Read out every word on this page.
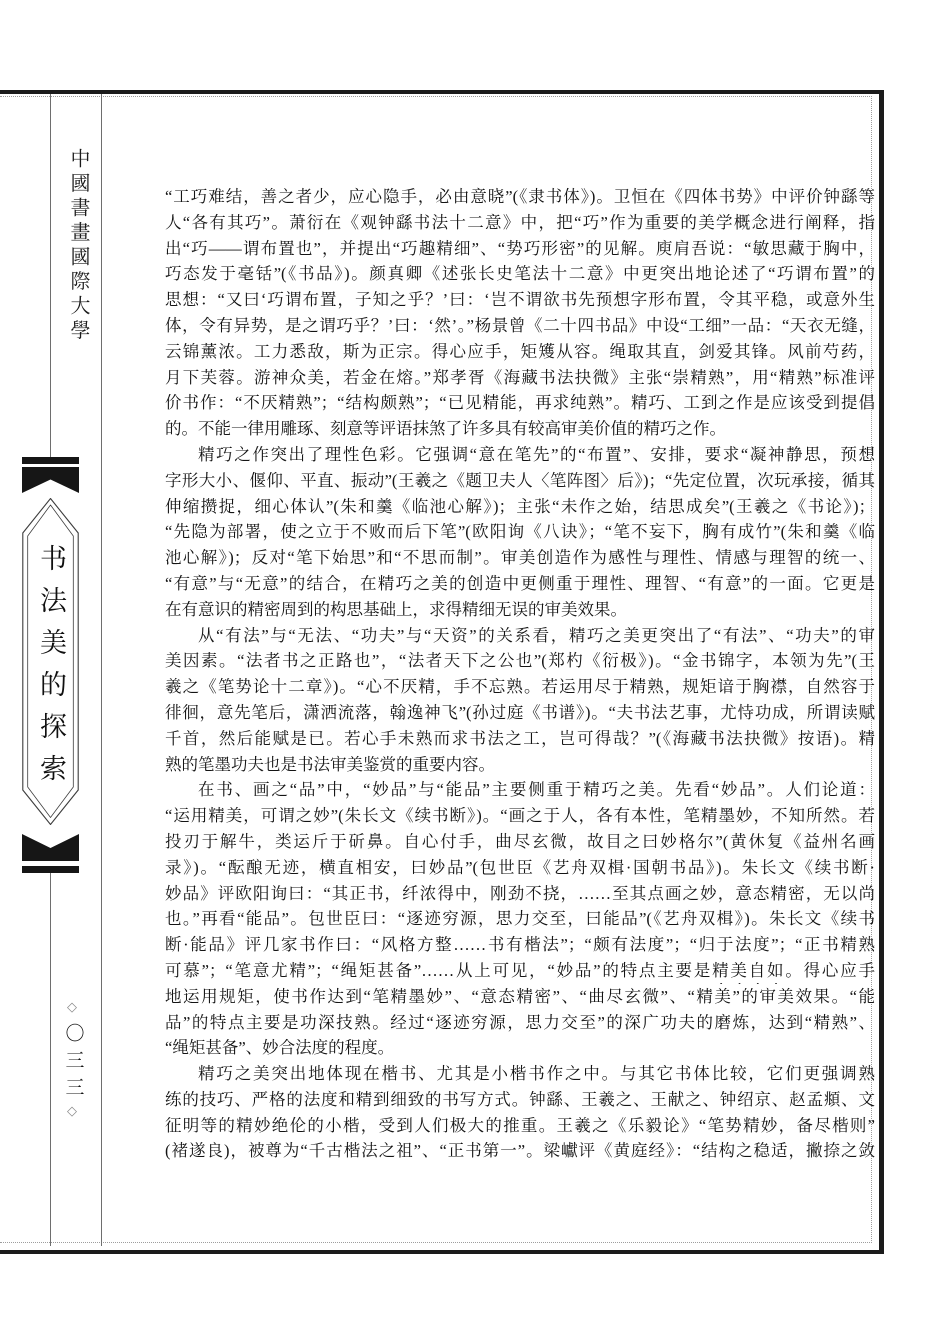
中國書畫國際大學
书法美的探索
◇〇三三◇
“工巧难结，善之者少，应心隐手，必由意晓”(《隶书体》)。卫恒在《四体书势》中评价钟繇等
人“各有其巧”。萧衍在《观钟繇书法十二意》中，把“巧”作为重要的美学概念进行阐释，指
出“巧——谓布置也”，并提出“巧趣精细”、“势巧形密”的见解。庾肩吾说：“敏思藏于胸中，
巧态发于毫铦”(《书品》)。颜真卿《述张长史笔法十二意》中更突出地论述了“巧谓布置”的
思想：“又曰‘巧谓布置，子知之乎？’曰：‘岂不谓欲书先预想字形布置，令其平稳，或意外生
体，令有异势，是之谓巧乎？’曰：‘然’。”杨景曾《二十四书品》中设“工细”一品：“天衣无缝，
云锦薰浓。工力悉敌，斯为正宗。得心应手，矩矱从容。绳取其直，剑爱其锋。风前芍药，
月下芙蓉。游神众美，若金在熔。”郑孝胥《海藏书法抉微》主张“崇精熟”，用“精熟”标准评
价书作：“不厌精熟”；“结构颇熟”；“已见精能，再求纯熟”。精巧、工到之作是应该受到提倡
的。不能一律用雕琢、刻意等评语抹煞了许多具有较高审美价值的精巧之作。
精巧之作突出了理性色彩。它强调“意在笔先”的“布置”、安排，要求“凝神静思，预想
字形大小、偃仰、平直、振动”(王羲之《题卫夫人〈笔阵图〉后》)；“先定位置，次玩承接，循其
伸缩攒捉，细心体认”(朱和羹《临池心解》)；主张“未作之始，结思成矣”(王羲之《书论》)；
“先隐为部署，使之立于不败而后下笔”(欧阳询《八诀》；“笔不妄下，胸有成竹”(朱和羹《临
池心解》)；反对“笔下始思”和“不思而制”。审美创造作为感性与理性、情感与理智的统一、
“有意”与“无意”的结合，在精巧之美的创造中更侧重于理性、理智、“有意”的一面。它更是
在有意识的精密周到的构思基础上，求得精细无误的审美效果。
从“有法”与“无法、“功夫”与“天资”的关系看，精巧之美更突出了“有法”、“功夫”的审
美因素。“法者书之正路也”，“法者天下之公也”(郑杓《衍极》)。“金书锦字，本领为先”(王
羲之《笔势论十二章》)。“心不厌精，手不忘熟。若运用尽于精熟，规矩谙于胸襟，自然容于
徘徊，意先笔后，潇洒流落，翰逸神飞”(孙过庭《书谱》)。“夫书法艺事，尤恃功成，所谓读赋
千首，然后能赋是已。若心手未熟而求书法之工，岂可得哉？”(《海藏书法抉微》按语)。精
熟的笔墨功夫也是书法审美鉴赏的重要内容。
在书、画之“品”中，“妙品”与“能品”主要侧重于精巧之美。先看“妙品”。人们论道：
“运用精美，可谓之妙”(朱长文《续书断》)。“画之于人，各有本性，笔精墨妙，不知所然。若
投刃于解牛，类运斤于斫鼻。自心付手，曲尽玄微，故目之曰妙格尔”(黄休复《益州名画
录》)。“酝酿无迹，横直相安，曰妙品”(包世臣《艺舟双楫·国朝书品》)。朱长文《续书断·
妙品》评欧阳询曰：“其正书，纤浓得中，刚劲不挠，……至其点画之妙，意态精密，无以尚
也。”再看“能品”。包世臣曰：“逐迹穷源，思力交至，曰能品”(《艺舟双楫》)。朱长文《续书
断·能品》评几家书作曰：“风格方整……书有楷法”；“颇有法度”；“归于法度”；“正书精熟
可慕”；“笔意尤精”；“绳矩甚备”……从上可见，“妙品”的特点主要是精美自如。得心应手
地运用规矩，使书作达到“笔精墨妙”、“意态精密”、“曲尽玄微”、“精美”的审美效果。“能
品”的特点主要是功深技熟。经过“逐迹穷源，思力交至”的深广功夫的磨炼，达到“精熟”、
“绳矩甚备”、妙合法度的程度。
精巧之美突出地体现在楷书、尤其是小楷书作之中。与其它书体比较，它们更强调熟
练的技巧、严格的法度和精到细致的书写方式。钟繇、王羲之、王献之、钟绍京、赵孟頫、文
征明等的精妙绝伦的小楷，受到人们极大的推重。王羲之《乐毅论》“笔势精妙，备尽楷则”
(褚遂良)，被尊为“千古楷法之祖”、“正书第一”。梁巘评《黄庭经》：“结构之稳适，撇捺之敛
